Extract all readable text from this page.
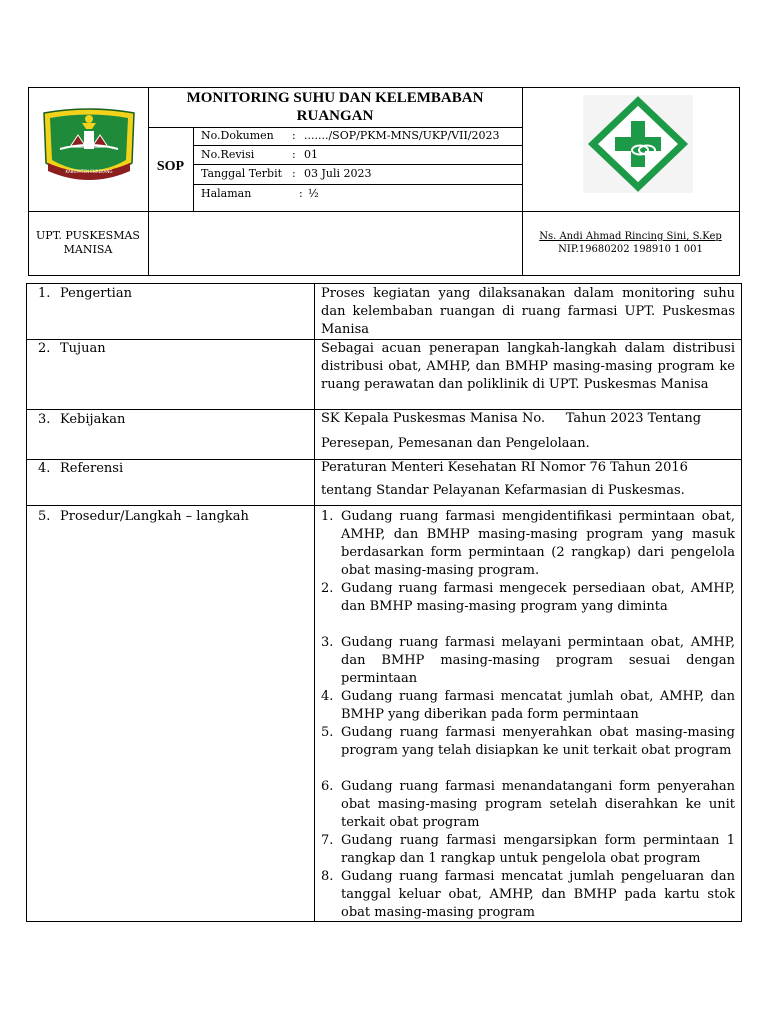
KABUPATEN ENREKANG
MONITORING SUHU DAN KELEMBABAN
RUANGAN
SOP
No.Dokumen : ......./SOP/PKM-MNS/UKP/VII/2023
No.Revisi	: 01
Tanggal Terbit : 03 Juli 2023
Halaman	: ½
UPT. PUSKESMAS
MANISA
Ns. Andi Ahmad Rincing Sini, S.Kep
NIP.19680202 198910 1 001
1. Pengertian	Proses kegiatan yang dilaksanakan dalam monitoring suhu dan kelembaban ruangan di ruang farmasi UPT. Puskesmas Manisa
2. Tujuan	Sebagai acuan penerapan langkah-langkah dalam distribusi distribusi obat, AMHP, dan BMHP masing-masing program ke ruang perawatan dan poliklinik di UPT. Puskesmas Manisa
3. Kebijakan	SK Kepala Puskesmas Manisa No.     Tahun 2023 Tentang
Peresepan, Pemesanan dan Pengelolaan.
4. Referensi	Peraturan Menteri Kesehatan RI Nomor 76 Tahun 2016
tentang Standar Pelayanan Kefarmasian di Puskesmas.
5. Prosedur/Langkah – langkah	1. Gudang ruang farmasi mengidentifikasi permintaan obat, AMHP, dan BMHP masing-masing program yang masuk berdasarkan form permintaan (2 rangkap) dari pengelola obat masing-masing program.
2. Gudang ruang farmasi mengecek persediaan obat, AMHP, dan BMHP masing-masing program yang diminta
3. Gudang ruang farmasi melayani permintaan obat, AMHP, dan BMHP masing-masing program sesuai dengan permintaan
4. Gudang ruang farmasi mencatat jumlah obat, AMHP, dan BMHP yang diberikan pada form permintaan
5. Gudang ruang farmasi menyerahkan obat masing-masing program yang telah disiapkan ke unit terkait obat program
6. Gudang ruang farmasi menandatangani form penyerahan obat masing-masing program setelah diserahkan ke unit terkait obat program
7. Gudang ruang farmasi mengarsipkan form permintaan 1 rangkap dan 1 rangkap untuk pengelola obat program
8. Gudang ruang farmasi mencatat jumlah pengeluaran dan tanggal keluar obat, AMHP, dan BMHP pada kartu stok obat masing-masing program
